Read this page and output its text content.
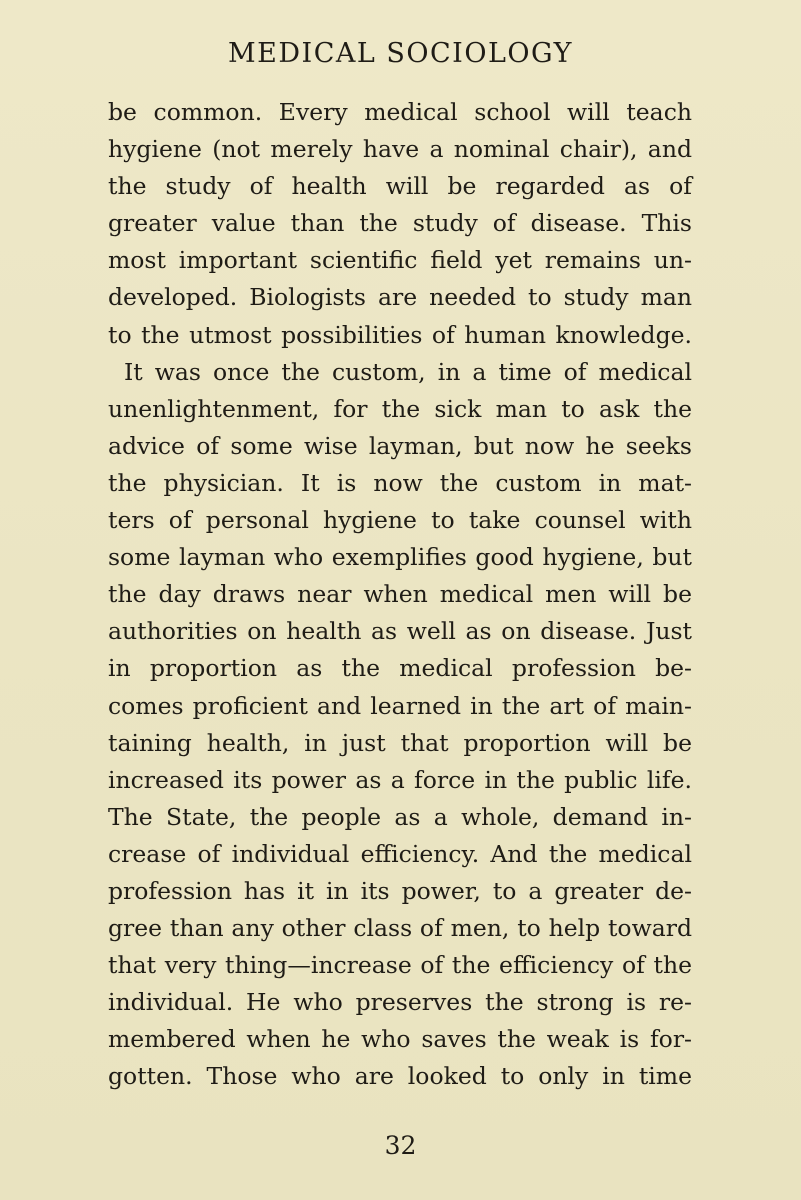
MEDICAL SOCIOLOGY
be common. Every medical school will teach
hygiene (not merely have a nominal chair), and
the study of health will be regarded as of
greater value than the study of disease. This
most important scientific field yet remains un-
developed. Biologists are needed to study man
to the utmost possibilities of human knowledge.
It was once the custom, in a time of medical
unenlightenment, for the sick man to ask the
advice of some wise layman, but now he seeks
the physician. It is now the custom in mat-
ters of personal hygiene to take counsel with
some layman who exemplifies good hygiene, but
the day draws near when medical men will be
authorities on health as well as on disease. Just
in proportion as the medical profession be-
comes proficient and learned in the art of main-
taining health, in just that proportion will be
increased its power as a force in the public life.
The State, the people as a whole, demand in-
crease of individual efficiency. And the medical
profession has it in its power, to a greater de-
gree than any other class of men, to help toward
that very thing—increase of the efficiency of the
individual. He who preserves the strong is re-
membered when he who saves the weak is for-
gotten. Those who are looked to only in time
32
